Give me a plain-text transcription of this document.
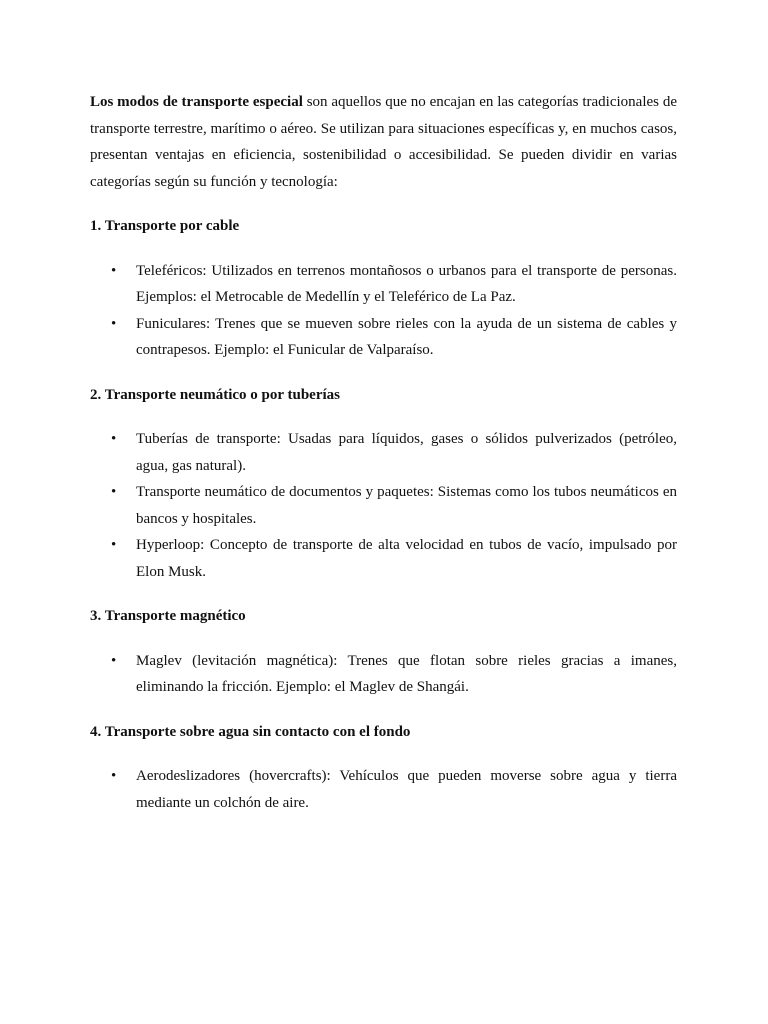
Los modos de transporte especial son aquellos que no encajan en las categorías tradicionales de transporte terrestre, marítimo o aéreo. Se utilizan para situaciones específicas y, en muchos casos, presentan ventajas en eficiencia, sostenibilidad o accesibilidad. Se pueden dividir en varias categorías según su función y tecnología:

1. Transporte por cable

• Teleféricos: Utilizados en terrenos montañosos o urbanos para el transporte de personas. Ejemplos: el Metrocable de Medellín y el Teleférico de La Paz.
• Funiculares: Trenes que se mueven sobre rieles con la ayuda de un sistema de cables y contrapesos. Ejemplo: el Funicular de Valparaíso.

2. Transporte neumático o por tuberías

• Tuberías de transporte: Usadas para líquidos, gases o sólidos pulverizados (petróleo, agua, gas natural).
• Transporte neumático de documentos y paquetes: Sistemas como los tubos neumáticos en bancos y hospitales.
• Hyperloop: Concepto de transporte de alta velocidad en tubos de vacío, impulsado por Elon Musk.

3. Transporte magnético

• Maglev (levitación magnética): Trenes que flotan sobre rieles gracias a imanes, eliminando la fricción. Ejemplo: el Maglev de Shangái.

4. Transporte sobre agua sin contacto con el fondo

• Aerodeslizadores (hovercrafts): Vehículos que pueden moverse sobre agua y tierra mediante un colchón de aire.
